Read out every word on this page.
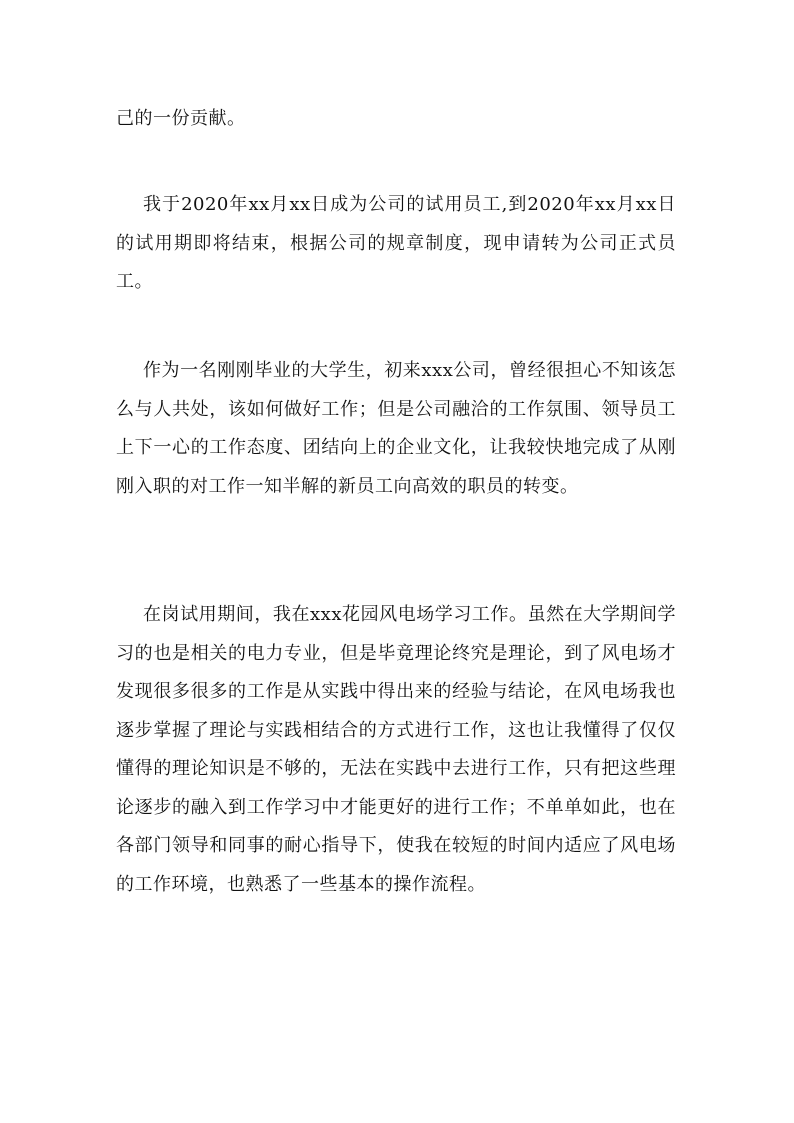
己的一份贡献。

我于2020年xx月xx日成为公司的试用员工,到2020年xx月xx日的试用期即将结束，根据公司的规章制度，现申请转为公司正式员工。

作为一名刚刚毕业的大学生，初来xxx公司，曾经很担心不知该怎么与人共处，该如何做好工作；但是公司融洽的工作氛围、领导员工上下一心的工作态度、团结向上的企业文化，让我较快地完成了从刚刚入职的对工作一知半解的新员工向高效的职员的转变。

在岗试用期间，我在xxx花园风电场学习工作。虽然在大学期间学习的也是相关的电力专业，但是毕竟理论终究是理论，到了风电场才发现很多很多的工作是从实践中得出来的经验与结论，在风电场我也逐步掌握了理论与实践相结合的方式进行工作，这也让我懂得了仅仅懂得的理论知识是不够的，无法在实践中去进行工作，只有把这些理论逐步的融入到工作学习中才能更好的进行工作；不单单如此，也在各部门领导和同事的耐心指导下，使我在较短的时间内适应了风电场的工作环境，也熟悉了一些基本的操作流程。
